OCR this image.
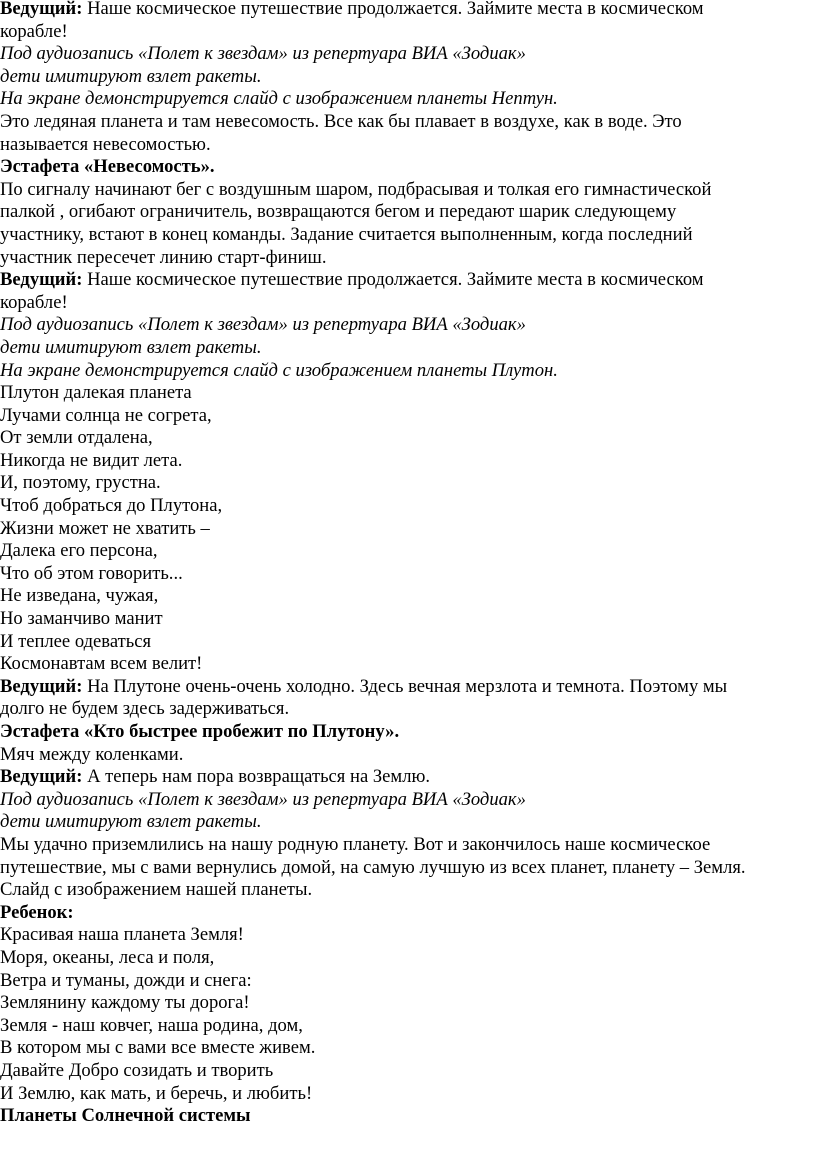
Ведущий: Наше космическое путешествие продолжается. Займите места в космическом
корабле!
Под аудиозапись «Полет к звездам» из репертуара ВИА «Зодиак»
дети имитируют взлет ракеты.
На экране демонстрируется слайд с изображением планеты Нептун.
Это ледяная планета и там невесомость. Все как бы плавает в воздухе, как в воде. Это
называется невесомостью.
Эстафета «Невесомость».
По сигналу начинают бег с воздушным шаром, подбрасывая и толкая его гимнастической
палкой , огибают ограничитель, возвращаются бегом и передают шарик следующему
участнику, встают в конец команды. Задание считается выполненным, когда последний
участник пересечет линию старт-финиш.
Ведущий: Наше космическое путешествие продолжается. Займите места в космическом
корабле!
Под аудиозапись «Полет к звездам» из репертуара ВИА «Зодиак»
дети имитируют взлет ракеты.
На экране демонстрируется слайд с изображением планеты Плутон.
Плутон далекая планета
Лучами солнца не согрета,
От земли отдалена,
Никогда не видит лета.
И, поэтому, грустна.
Чтоб добраться до Плутона,
Жизни может не хватить –
Далека его персона,
Что об этом говорить...
Не изведана, чужая,
Но заманчиво манит
И теплее одеваться
Космонавтам всем велит!
Ведущий: На Плутоне очень-очень холодно. Здесь вечная мерзлота и темнота. Поэтому мы
долго не будем здесь задерживаться.
Эстафета «Кто быстрее пробежит по Плутону».
Мяч между коленками.
Ведущий: А теперь нам пора возвращаться на Землю.
Под аудиозапись «Полет к звездам» из репертуара ВИА «Зодиак»
дети имитируют взлет ракеты.
Мы удачно приземлились на нашу родную планету. Вот и закончилось наше космическое
путешествие, мы с вами вернулись домой, на самую лучшую из всех планет, планету – Земля.
Слайд с изображением нашей планеты.
Ребенок:
Красивая наша планета Земля!
Моря, океаны, леса и поля,
Ветра и туманы, дожди и снега:
Землянину каждому ты дорога!
Земля - наш ковчег, наша родина, дом,
В котором мы с вами все вместе живем.
Давайте Добро созидать и творить
И Землю, как мать, и беречь, и любить!
Планеты Солнечной системы
